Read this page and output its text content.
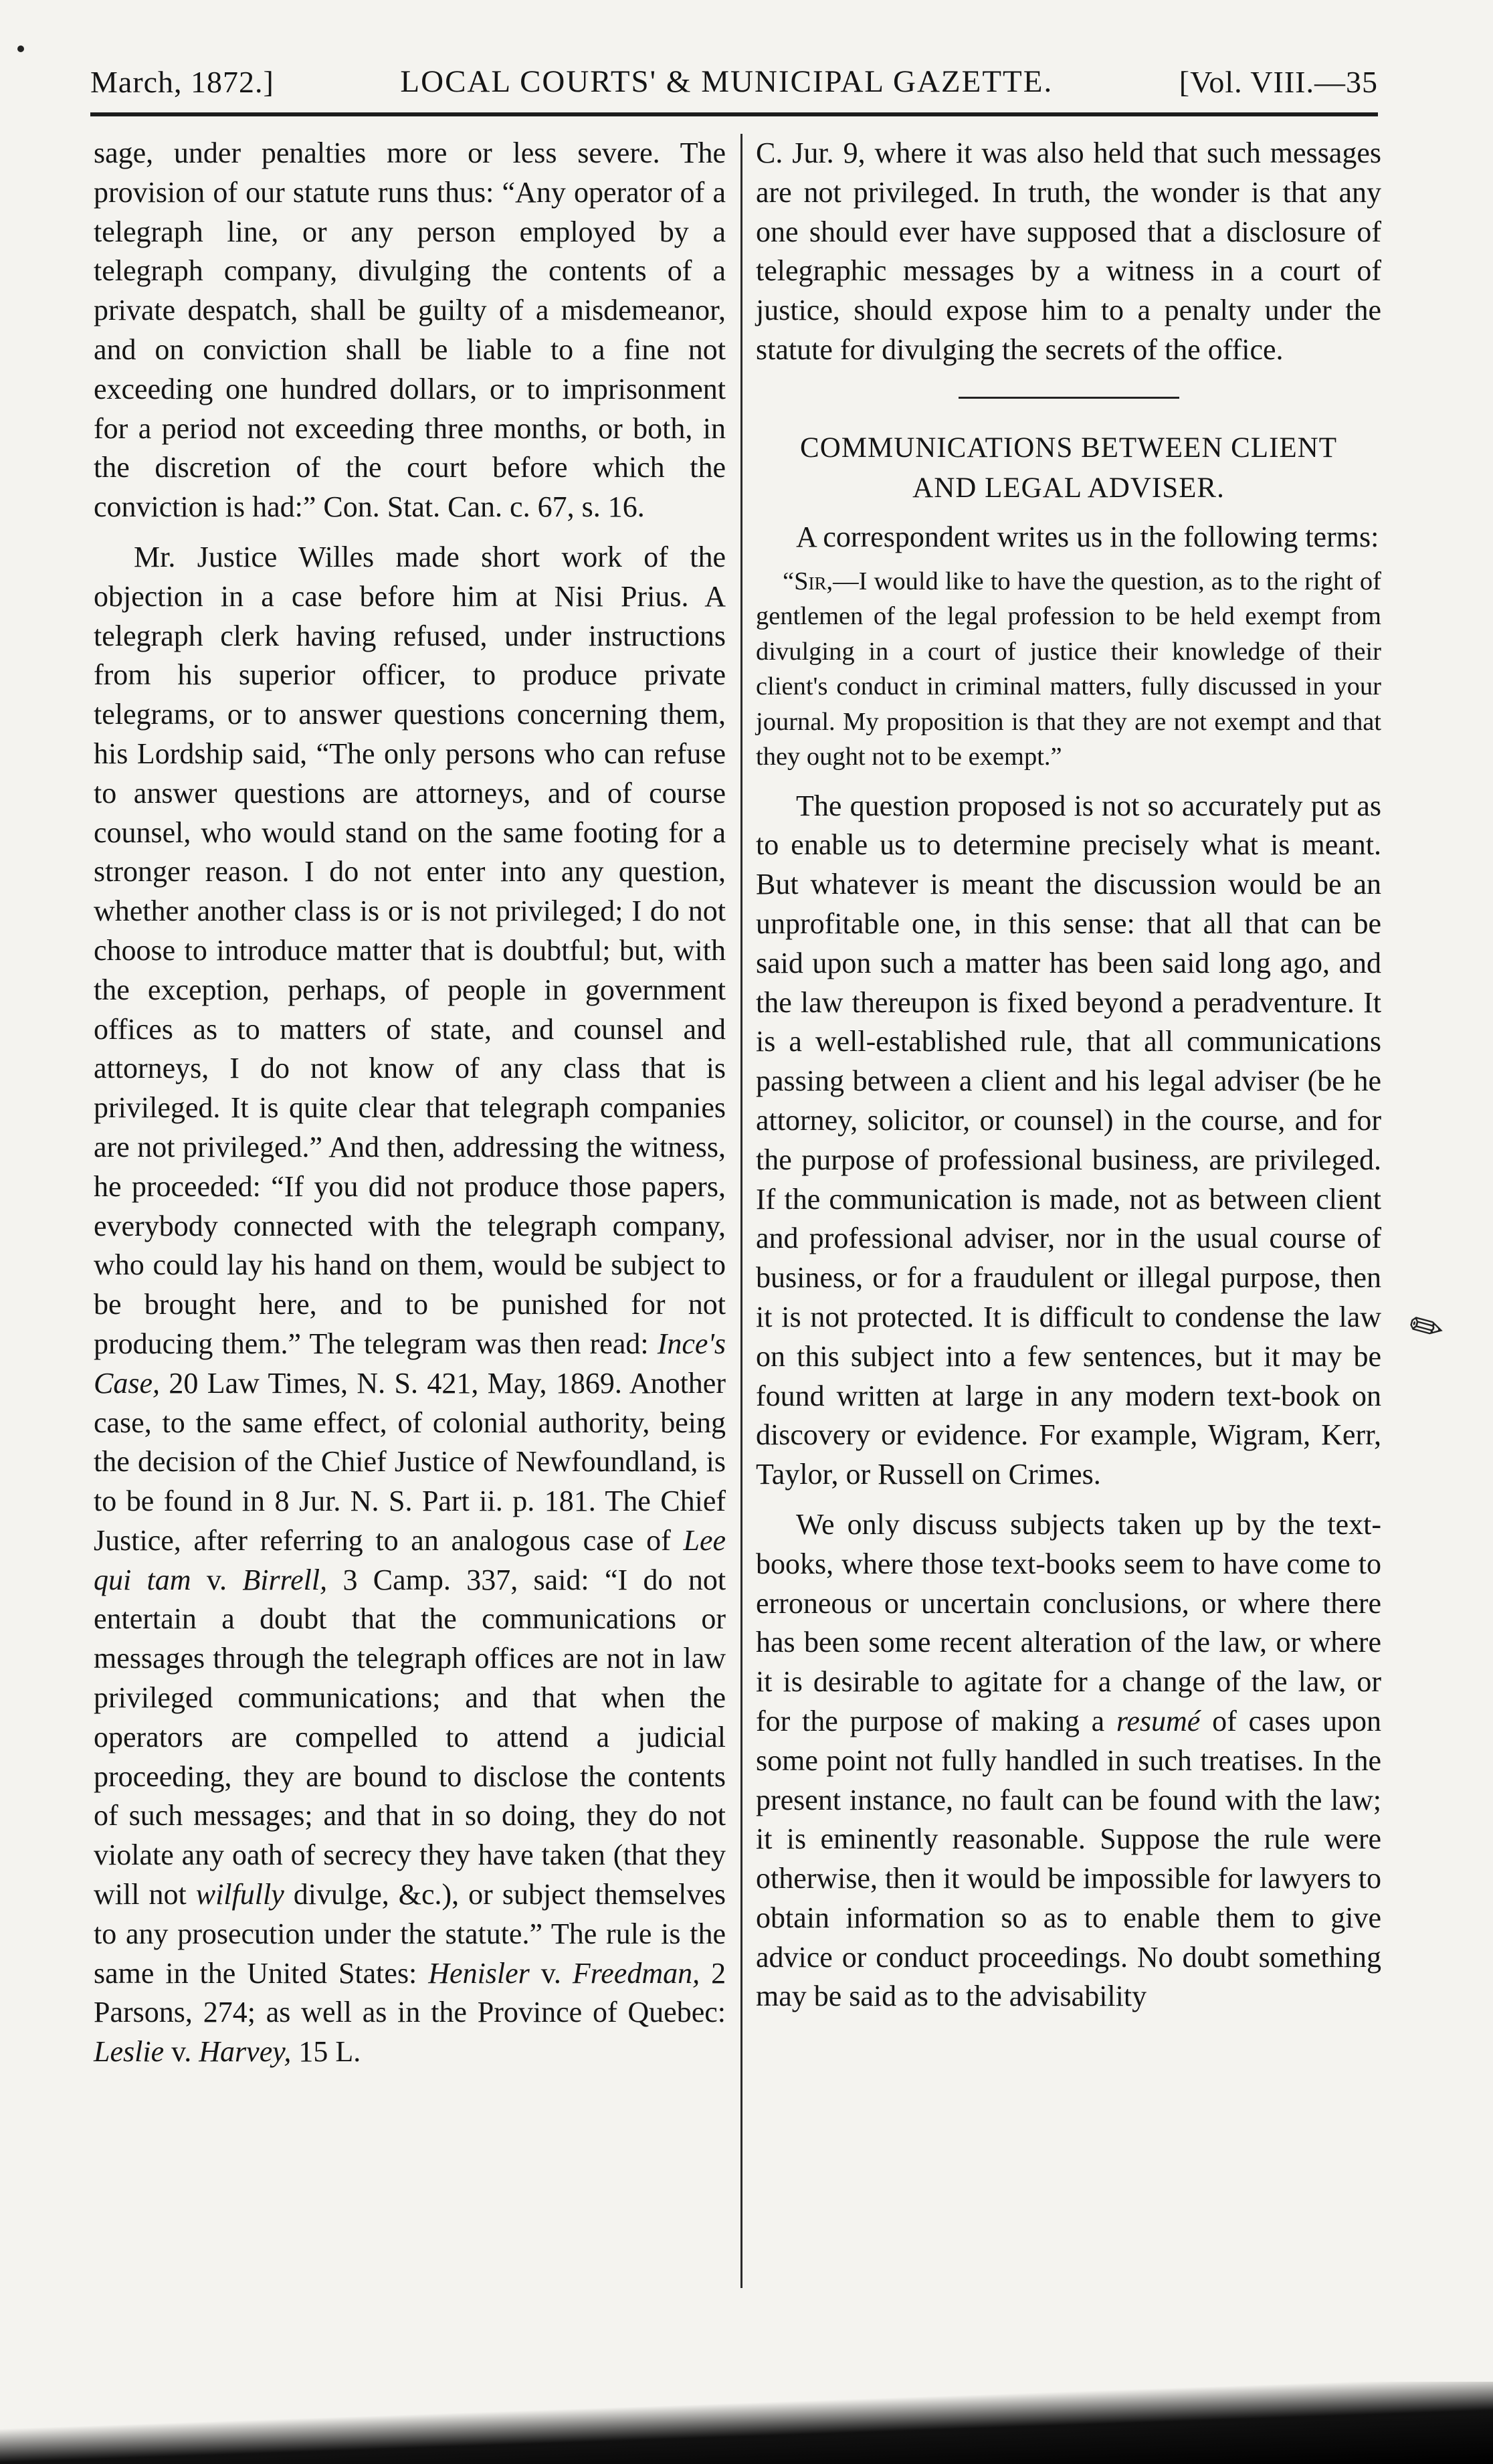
March, 1872.]	LOCAL COURTS' & MUNICIPAL GAZETTE.	[Vol. VIII.—35

sage, under penalties more or less severe. The provision of our statute runs thus: “Any operator of a telegraph line, or any person employed by a telegraph company, divulging the contents of a private despatch, shall be guilty of a misdemeanor, and on conviction shall be liable to a fine not exceeding one hundred dollars, or to imprisonment for a period not exceeding three months, or both, in the discretion of the court before which the conviction is had:” Con. Stat. Can. c. 67, s. 16.

Mr. Justice Willes made short work of the objection in a case before him at Nisi Prius. A telegraph clerk having refused, under instructions from his superior officer, to produce private telegrams, or to answer questions concerning them, his Lordship said, “The only persons who can refuse to answer questions are attorneys, and of course counsel, who would stand on the same footing for a stronger reason. I do not enter into any question, whether another class is or is not privileged; I do not choose to introduce matter that is doubtful; but, with the exception, perhaps, of people in government offices as to matters of state, and counsel and attorneys, I do not know of any class that is privileged. It is quite clear that telegraph companies are not privileged.” And then, addressing the witness, he proceeded: “If you did not produce those papers, everybody connected with the telegraph company, who could lay his hand on them, would be subject to be brought here, and to be punished for not producing them.” The telegram was then read: Ince's Case, 20 Law Times, N. S. 421, May, 1869. Another case, to the same effect, of colonial authority, being the decision of the Chief Justice of Newfoundland, is to be found in 8 Jur. N. S. Part ii. p. 181. The Chief Justice, after referring to an analogous case of Lee qui tam v. Birrell, 3 Camp. 337, said: “I do not entertain a doubt that the communications or messages through the telegraph offices are not in law privileged communications; and that when the operators are compelled to attend a judicial proceeding, they are bound to disclose the contents of such messages; and that in so doing, they do not violate any oath of secrecy they have taken (that they will not wilfully divulge, &c.), or subject themselves to any prosecution under the statute.” The rule is the same in the United States: Henisler v. Freedman, 2 Parsons, 274; as well as in the Province of Quebec: Leslie v. Harvey, 15 L.

C. Jur. 9, where it was also held that such messages are not privileged. In truth, the wonder is that any one should ever have supposed that a disclosure of telegraphic messages by a witness in a court of justice, should expose him to a penalty under the statute for divulging the secrets of the office.

COMMUNICATIONS BETWEEN CLIENT
AND LEGAL ADVISER.

A correspondent writes us in the following terms:

“Sir,—I would like to have the question, as to the right of gentlemen of the legal profession to be held exempt from divulging in a court of justice their knowledge of their client's conduct in criminal matters, fully discussed in your journal. My proposition is that they are not exempt and that they ought not to be exempt.”

The question proposed is not so accurately put as to enable us to determine precisely what is meant. But whatever is meant the discussion would be an unprofitable one, in this sense: that all that can be said upon such a matter has been said long ago, and the law thereupon is fixed beyond a peradventure. It is a well-established rule, that all communications passing between a client and his legal adviser (be he attorney, solicitor, or counsel) in the course, and for the purpose of professional business, are privileged. If the communication is made, not as between client and professional adviser, nor in the usual course of business, or for a fraudulent or illegal purpose, then it is not protected. It is difficult to condense the law on this subject into a few sentences, but it may be found written at large in any modern text-book on discovery or evidence. For example, Wigram, Kerr, Taylor, or Russell on Crimes.

We only discuss subjects taken up by the text-books, where those text-books seem to have come to erroneous or uncertain conclusions, or where there has been some recent alteration of the law, or where it is desirable to agitate for a change of the law, or for the purpose of making a resumé of cases upon some point not fully handled in such treatises. In the present instance, no fault can be found with the law; it is eminently reasonable. Suppose the rule were otherwise, then it would be impossible for lawyers to obtain information so as to enable them to give advice or conduct proceedings. No doubt something may be said as to the advisability

✎
